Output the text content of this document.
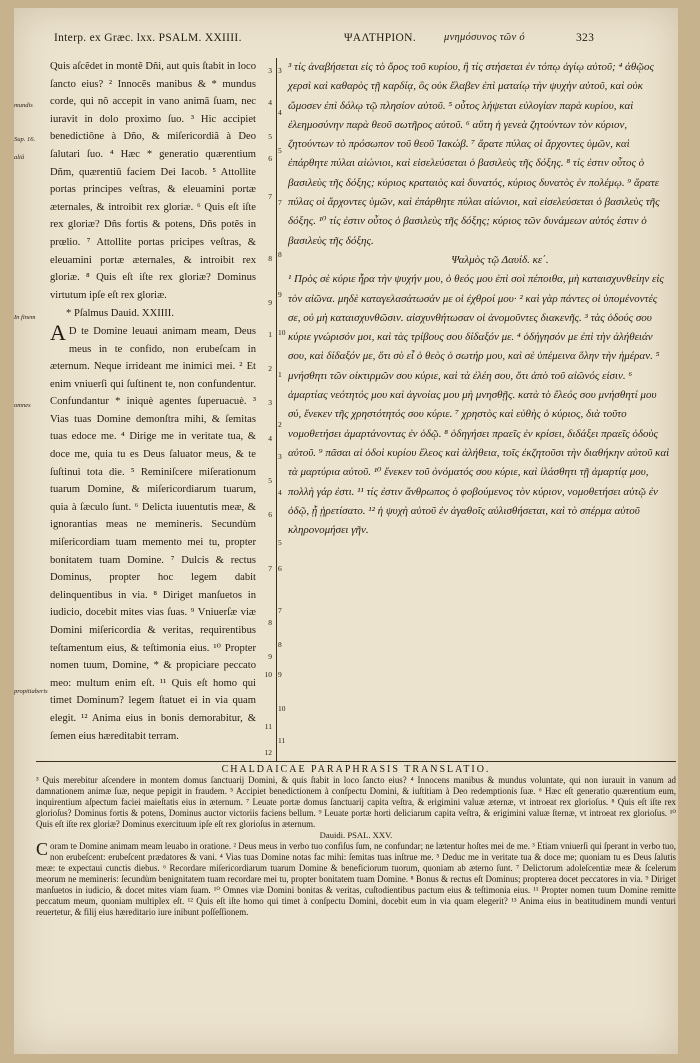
Interp. ex Græc. lxx. PSALM. XXIIII.	ΨΑΛΤΗΡΙΟΝ.	μνημόσυνος τῶν ό	323
mundis
Sup. 16.
aliâ
In finem
omnes
propitiaberis

Quis aſcẽdet in montẽ Dñi, aut quis ſtabit in loco ſancto eius? ² Innocẽs manibus & * mundus corde, qui nõ accepit in vano animã ſuam, nec iuravit in dolo proximo ſuo. ³ Hic accipiet benedictiõne à Dño, & miſericordiã à Deo ſalutari ſuo. ⁴ Hæc * generatio quærentium Dñm, quærentiũ faciem Dei Iacob. ⁵ Attollite portas principes veſtras, & eleuamini portæ æternales, & introibit rex gloriæ. ⁶ Quis eſt iſte rex gloriæ? Dñs fortis & potens, Dñs potẽs in prœlio. ⁷ Attollite portas pricipes veſtras, & eleuamini portæ æternales, & introibit rex gloriæ. ⁸ Quis eſt iſte rex gloriæ? Dominus virtutum ipſe eſt rex gloriæ.

* Pſalmus Dauid. XXIIII.

A D te Domine leuaui animam meam, Deus meus in te confido, non erubeſcam in æternum. Neque irrideant me inimici mei. ² Et enim vniuerſi qui ſuſtinent te, non confundentur. Confundantur * iniquè agentes ſuperuacuè. ³ Vias tuas Domine demonſtra mihi, & ſemitas tuas edoce me. ⁴ Dirige me in veritate tua, & doce me, quia tu es Deus ſaluator meus, & te ſuſtinui tota die. ⁵ Reminiſcere miſerationum tuarum Domine, & miſericordiarum tuarum, quia à ſæculo ſunt. ⁶ Delicta iuuentutis meæ, & ignorantias meas ne memineris. Secundùm miſericordiam tuam memento mei tu, propter bonitatem tuam Domine. ⁷ Dulcis & rectus Dominus, propter hoc legem dabit delinquentibus in via. ⁸ Diriget manſuetos in iudicio, docebit mites vias ſuas. ⁹ Vniuerſæ viæ Domini miſericordia & veritas, requirentibus teſtamentum eius, & teſtimonia eius. ¹⁰ Propter nomen tuum, Domine, * & propiciare peccato meo: multum enim eſt. ¹¹ Quis eſt homo qui timet Dominum? legem ſtatuet ei in via quam elegit. ¹² Anima eius in bonis demorabitur, & ſemen eius hæreditabit terram.

3
4
5
6
7
8
9
1
2
3
4
5
6
7
8
9
10
11
12
3
4
5
7
8
9
10
1
2
3
4
5
6
7
8
9
10
11

³ τίς ἀναβήσεται εἰς τὸ ὄρος τοῦ κυρίου, ἢ τίς στήσεται ἐν τόπῳ ἁγίῳ αὐτοῦ; ⁴ ἀθῷος χερσὶ καὶ καθαρὸς τῇ καρδίᾳ, ὃς οὐκ ἔλαβεν ἐπὶ ματαίῳ τὴν ψυχὴν αὐτοῦ, καὶ οὐκ ὤμοσεν ἐπὶ δόλῳ τῷ πλησίον αὐτοῦ. ⁵ οὗτος λήψεται εὐλογίαν παρὰ κυρίου, καὶ ἐλεημοσύνην παρὰ θεοῦ σωτῆρος αὐτοῦ. ⁶ αὕτη ἡ γενεὰ ζητούντων τὸν κύριον, ζητούντων τὸ πρόσωπον τοῦ θεοῦ Ἰακώβ. ⁷ ἄρατε πύλας οἱ ἄρχοντες ὑμῶν, καὶ ἐπάρθητε πύλαι αἰώνιοι, καὶ εἰσελεύσεται ὁ βασιλεὺς τῆς δόξης. ⁸ τίς ἐστιν οὗτος ὁ βασιλεὺς τῆς δόξης; κύριος κραταιὸς καὶ δυνατός, κύριος δυνατὸς ἐν πολέμῳ. ⁹ ἄρατε πύλας οἱ ἄρχοντες ὑμῶν, καὶ ἐπάρθητε πύλαι αἰώνιοι, καὶ εἰσελεύσεται ὁ βασιλεὺς τῆς δόξης. ¹⁰ τίς ἐστιν οὗτος ὁ βασιλεὺς τῆς δόξης; κύριος τῶν δυνάμεων αὐτός ἐστιν ὁ βασιλεὺς τῆς δόξης.

Ψαλμὸς τῷ Δαυίδ. κε΄.

¹ Πρὸς σὲ κύριε ἦρα τὴν ψυχήν μου, ὁ θεός μου ἐπὶ σοὶ πέποιθα, μὴ καταισχυνθείην εἰς τὸν αἰῶνα. μηδὲ καταγελασάτωσάν με οἱ ἐχθροί μου· ² καὶ γὰρ πάντες οἱ ὑπομένοντές σε, οὐ μὴ καταισχυνθῶσιν. αἰσχυνθήτωσαν οἱ ἀνομοῦντες διακενῆς. ³ τὰς ὁδούς σου κύριε γνώρισόν μοι, καὶ τὰς τρίβους σου δίδαξόν με. ⁴ ὁδήγησόν με ἐπὶ τὴν ἀλήθειάν σου, καὶ δίδαξόν με, ὅτι σὺ εἶ ὁ θεὸς ὁ σωτήρ μου, καὶ σὲ ὑπέμεινα ὅλην τὴν ἡμέραν. ⁵ μνήσθητι τῶν οἰκτιρμῶν σου κύριε, καὶ τὰ ἐλέη σου, ὅτι ἀπὸ τοῦ αἰῶνός εἰσιν. ⁶ ἁμαρτίας νεότητός μου καὶ ἀγνοίας μου μὴ μνησθῇς. κατὰ τὸ ἔλεός σου μνήσθητί μου σύ, ἕνεκεν τῆς χρηστότητός σου κύριε. ⁷ χρηστὸς καὶ εὐθὴς ὁ κύριος, διὰ τοῦτο νομοθετήσει ἁμαρτάνοντας ἐν ὁδῷ. ⁸ ὁδηγήσει πραεῖς ἐν κρίσει, διδάξει πραεῖς ὁδοὺς αὐτοῦ. ⁹ πᾶσαι αἱ ὁδοὶ κυρίου ἔλεος καὶ ἀλήθεια, τοῖς ἐκζητοῦσι τὴν διαθήκην αὐτοῦ καὶ τὰ μαρτύρια αὐτοῦ. ¹⁰ ἕνεκεν τοῦ ὀνόματός σου κύριε, καὶ ἱλάσθητι τῇ ἁμαρτίᾳ μου, πολλὴ γάρ ἐστι. ¹¹ τίς ἐστιν ἄνθρωπος ὁ φοβούμενος τὸν κύριον, νομοθετήσει αὐτῷ ἐν ὁδῷ, ᾗ ᾑρετίσατο. ¹² ἡ ψυχὴ αὐτοῦ ἐν ἀγαθοῖς αὐλισθήσεται, καὶ τὸ σπέρμα αὐτοῦ κληρονομήσει γῆν.

CHALDAICAE PARAPHRASIS TRANSLATIO.

³ Quis merebitur aſcendere in montem domus ſanctuarij Domini, & quis ſtabit in loco ſancto eius? ⁴ Innocens manibus & mundus voluntate, qui non iurauit in vanum ad damnationem animæ ſuæ, neque pepigit in fraudem. ⁵ Accipiet benedictionem à conſpectu Domini, & iuſtitiam à Deo redemptionis ſuæ. ⁶ Hæc eſt generatio quærentium eum, inquirentium aſpectum faciei maieſtatis eius in æternum. ⁷ Leuate portæ domus ſanctuarij capita veſtra, & erigimini valuæ æternæ, vt introeat rex glorioſus. ⁸ Quis eſt iſte rex glorioſus? Dominus fortis & potens, Dominus auctor victoriis faciens bellum. ⁹ Leuate portæ horti deliciarum capita veſtra, & erigimini valuæ ſternæ, vt introeat rex glorioſus. ¹⁰ Quis eſt iſte rex gloriæ? Dominus exercituum ipſe eſt rex glorioſus in æternum.

Dauidi. PSAL. XXV.

Coram te Domine animam meam leuabo in oratione. ² Deus meus in verbo tuo confiſus ſum, ne confundar; ne lætentur hoſtes mei de me. ³ Etiam vniuerſi qui ſperant in verbo tuo, non erubeſcent: erubeſcent prædatores & vani. ⁴ Vias tuas Domine notas fac mihi: ſemitas tuas inſtrue me. ⁵ Deduc me in veritate tua & doce me; quoniam tu es Deus ſalutis meæ: te expectaui cunctis diebus. ⁶ Recordare miſericordiarum tuarum Domine & beneficiorum tuorum, quoniam ab æterno ſunt. ⁷ Delictorum adoleſcentiæ meæ & ſcelerum meorum ne memineris: ſecundùm benignitatem tuam recordare mei tu, propter bonitatem tuam Domine. ⁸ Bonus & rectus eſt Dominus; propterea docet peccatores in via. ⁹ Diriget manſuetos in iudicio, & docet mites viam ſuam. ¹⁰ Omnes viæ Domini bonitas & veritas, cuſtodientibus pactum eius & teſtimonia eius. ¹¹ Propter nomen tuum Domine remitte peccatum meum, quoniam multiplex eſt. ¹² Quis eſt iſte homo qui timet à conſpectu Domini, docebit eum in via quam elegerit? ¹³ Anima eius in beatitudinem mundi venturi reuertetur, & filij eius hæreditario iure inibunt poſſeſſionem.
